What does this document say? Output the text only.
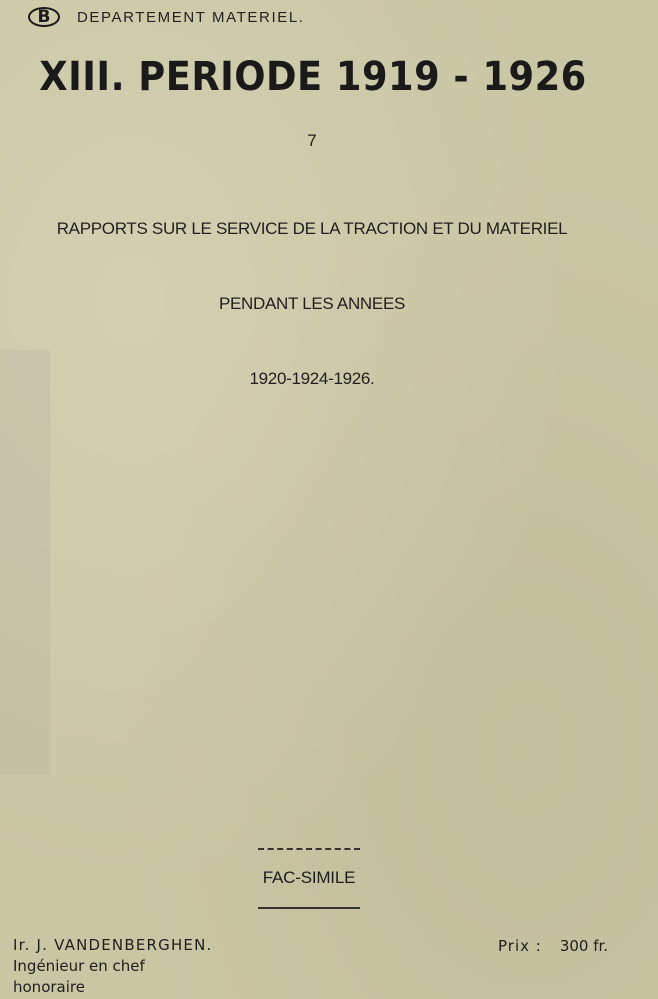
B DEPARTEMENT MATERIEL.
XIII. PERIODE 1919 - 1926
7
RAPPORTS SUR LE SERVICE DE LA TRACTION ET DU MATERIEL
PENDANT LES ANNEES
1920-1924-1926.
FAC-SIMILE
Ir. J. VANDENBERGHEN.
Ingénieur en chef
honoraire
Prix : 300 fr.
